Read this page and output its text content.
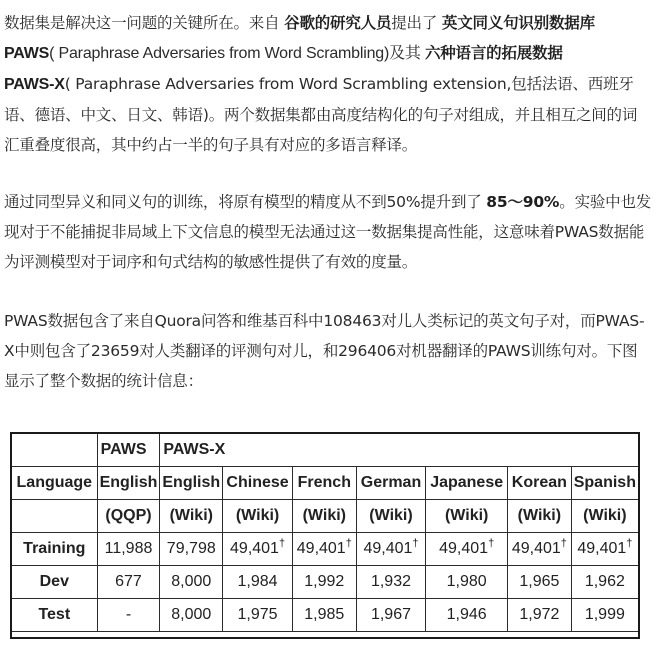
数据集是解决这一问题的关键所在。来自 谷歌的研究人员提出了 英文同义句识别数据库
PAWS( Paraphrase Adversaries from Word Scrambling)及其 六种语言的拓展数据
PAWS-X( Paraphrase Adversaries from Word Scrambling extension,包括法语、西班牙语、德语、中文、日文、韩语)。两个数据集都由高度结构化的句子对组成，并且相互之间的词汇重叠度很高，其中约占一半的句子具有对应的多语言释译。

通过同型异义和同义句的训练，将原有模型的精度从不到50%提升到了 85～90%。实验中也发现对于不能捕捉非局域上下文信息的模型无法通过这一数据集提高性能，这意味着PWAS数据能为评测模型对于词序和句式结构的敏感性提供了有效的度量。

PWAS数据包含了来自Quora问答和维基百科中108463对儿人类标记的英文句子对，而PWAS-X中则包含了23659对人类翻译的评测句对儿，和296406对机器翻译的PAWS训练句对。下图显示了整个数据的统计信息：

	PAWS	PAWS-X						
Language	English	English	Chinese	French	German	Japanese	Korean	Spanish
	(QQP)	(Wiki)	(Wiki)	(Wiki)	(Wiki)	(Wiki)	(Wiki)	(Wiki)
Training	11,988	79,798	49,401†	49,401†	49,401†	49,401†	49,401†	49,401†
Dev	677	8,000	1,984	1,992	1,932	1,980	1,965	1,962
Test	-	8,000	1,975	1,985	1,967	1,946	1,972	1,999
